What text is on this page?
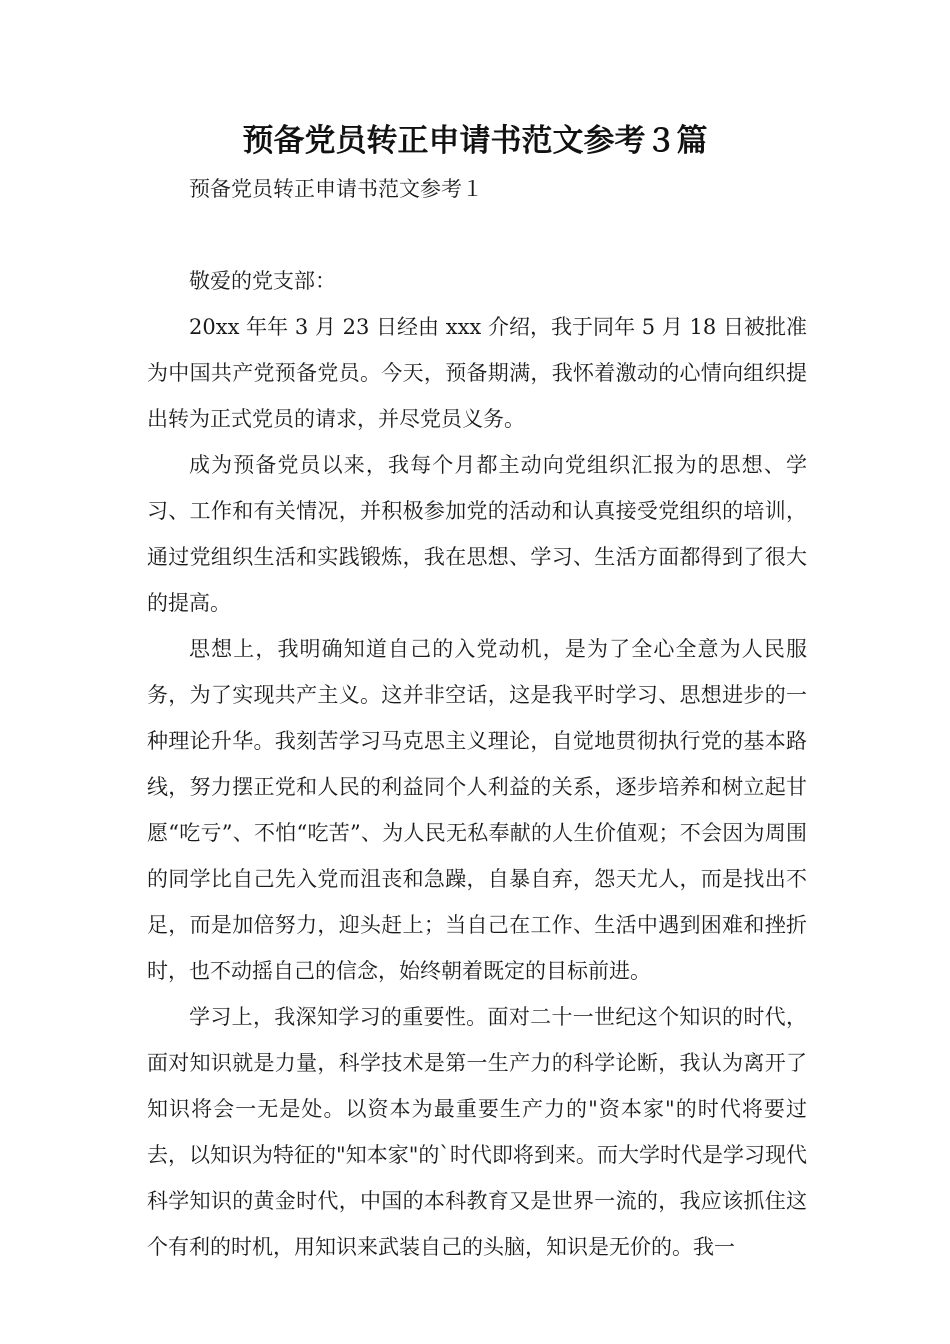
预备党员转正申请书范文参考３篇

预备党员转正申请书范文参考１

敬爱的党支部：

20xx 年年 3 月 23 日经由 xxx 介绍，我于同年 5 月 18 日被批准为中国共产党预备党员。今天，预备期满，我怀着激动的心情向组织提出转为正式党员的请求，并尽党员义务。

成为预备党员以来，我每个月都主动向党组织汇报为的思想、学习、工作和有关情况，并积极参加党的活动和认真接受党组织的培训，通过党组织生活和实践锻炼，我在思想、学习、生活方面都得到了很大的提高。

思想上，我明确知道自己的入党动机，是为了全心全意为人民服务，为了实现共产主义。这并非空话，这是我平时学习、思想进步的一种理论升华。我刻苦学习马克思主义理论，自觉地贯彻执行党的基本路线，努力摆正党和人民的利益同个人利益的关系，逐步培养和树立起甘愿“吃亏”、不怕“吃苦”、为人民无私奉献的人生价值观；不会因为周围的同学比自己先入党而沮丧和急躁，自暴自弃，怨天尤人，而是找出不足，而是加倍努力，迎头赶上；当自己在工作、生活中遇到困难和挫折时，也不动摇自己的信念，始终朝着既定的目标前进。

学习上，我深知学习的重要性。面对二十一世纪这个知识的时代，面对知识就是力量，科学技术是第一生产力的科学论断，我认为离开了知识将会一无是处。以资本为最重要生产力的"资本家"的时代将要过去，以知识为特征的"知本家"的`时代即将到来。而大学时代是学习现代科学知识的黄金时代，中国的本科教育又是世界一流的，我应该抓住这个有利的时机，用知识来武装自己的头脑，知识是无价的。我一
